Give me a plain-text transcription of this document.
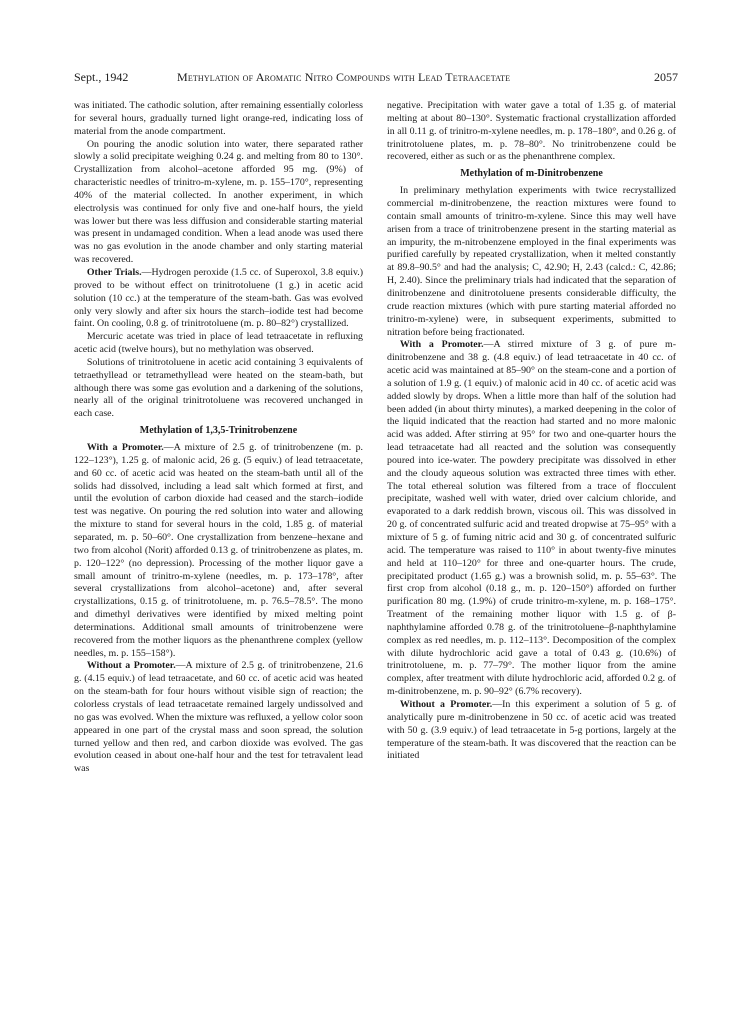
Sept., 1942	Methylation of Aromatic Nitro Compounds with Lead Tetraacetate	2057

was initiated. The cathodic solution, after remaining essentially colorless for several hours, gradually turned light orange-red, indicating loss of material from the anode compartment.

On pouring the anodic solution into water, there separated rather slowly a solid precipitate weighing 0.24 g. and melting from 80 to 130°. Crystallization from alcohol–acetone afforded 95 mg. (9%) of characteristic needles of trinitro-m-xylene, m. p. 155–170°, representing 40% of the material collected. In another experiment, in which electrolysis was continued for only five and one-half hours, the yield was lower but there was less diffusion and considerable starting material was present in undamaged condition. When a lead anode was used there was no gas evolution in the anode chamber and only starting material was recovered.

Other Trials.—Hydrogen peroxide (1.5 cc. of Superoxol, 3.8 equiv.) proved to be without effect on trinitrotoluene (1 g.) in acetic acid solution (10 cc.) at the temperature of the steam-bath. Gas was evolved only very slowly and after six hours the starch–iodide test had become faint. On cooling, 0.8 g. of trinitrotoluene (m. p. 80–82°) crystallized.

Mercuric acetate was tried in place of lead tetraacetate in refluxing acetic acid (twelve hours), but no methylation was observed.

Solutions of trinitrotoluene in acetic acid containing 3 equivalents of tetraethyllead or tetramethyllead were heated on the steam-bath, but although there was some gas evolution and a darkening of the solutions, nearly all of the original trinitrotoluene was recovered unchanged in each case.

Methylation of 1,3,5-Trinitrobenzene

With a Promoter.—A mixture of 2.5 g. of trinitrobenzene (m. p. 122–123°), 1.25 g. of malonic acid, 26 g. (5 equiv.) of lead tetraacetate, and 60 cc. of acetic acid was heated on the steam-bath until all of the solids had dissolved, including a lead salt which formed at first, and until the evolution of carbon dioxide had ceased and the starch–iodide test was negative. On pouring the red solution into water and allowing the mixture to stand for several hours in the cold, 1.85 g. of material separated, m. p. 50–60°. One crystallization from benzene–hexane and two from alcohol (Norit) afforded 0.13 g. of trinitrobenzene as plates, m. p. 120–122° (no depression). Processing of the mother liquor gave a small amount of trinitro-m-xylene (needles, m. p. 173–178°, after several crystallizations from alcohol–acetone) and, after several crystallizations, 0.15 g. of trinitrotoluene, m. p. 76.5–78.5°. The mono and dimethyl derivatives were identified by mixed melting point determinations. Additional small amounts of trinitrobenzene were recovered from the mother liquors as the phenanthrene complex (yellow needles, m. p. 155–158°).

Without a Promoter.—A mixture of 2.5 g. of trinitrobenzene, 21.6 g. (4.15 equiv.) of lead tetraacetate, and 60 cc. of acetic acid was heated on the steam-bath for four hours without visible sign of reaction; the colorless crystals of lead tetraacetate remained largely undissolved and no gas was evolved. When the mixture was refluxed, a yellow color soon appeared in one part of the crystal mass and soon spread, the solution turned yellow and then red, and carbon dioxide was evolved. The gas evolution ceased in about one-half hour and the test for tetravalent lead was

negative. Precipitation with water gave a total of 1.35 g. of material melting at about 80–130°. Systematic fractional crystallization afforded in all 0.11 g. of trinitro-m-xylene needles, m. p. 178–180°, and 0.26 g. of trinitrotoluene plates, m. p. 78–80°. No trinitrobenzene could be recovered, either as such or as the phenanthrene complex.

Methylation of m-Dinitrobenzene

In preliminary methylation experiments with twice recrystallized commercial m-dinitrobenzene, the reaction mixtures were found to contain small amounts of trinitro-m-xylene. Since this may well have arisen from a trace of trinitrobenzene present in the starting material as an impurity, the m-nitrobenzene employed in the final experiments was purified carefully by repeated crystallization, when it melted constantly at 89.8–90.5° and had the analysis; C, 42.90; H, 2.43 (calcd.: C, 42.86; H, 2.40). Since the preliminary trials had indicated that the separation of dinitrobenzene and dinitrotoluene presents considerable difficulty, the crude reaction mixtures (which with pure starting material afforded no trinitro-m-xylene) were, in subsequent experiments, submitted to nitration before being fractionated.

With a Promoter.—A stirred mixture of 3 g. of pure m-dinitrobenzene and 38 g. (4.8 equiv.) of lead tetraacetate in 40 cc. of acetic acid was maintained at 85–90° on the steam-cone and a portion of a solution of 1.9 g. (1 equiv.) of malonic acid in 40 cc. of acetic acid was added slowly by drops. When a little more than half of the solution had been added (in about thirty minutes), a marked deepening in the color of the liquid indicated that the reaction had started and no more malonic acid was added. After stirring at 95° for two and one-quarter hours the lead tetraacetate had all reacted and the solution was consequently poured into ice-water. The powdery precipitate was dissolved in ether and the cloudy aqueous solution was extracted three times with ether. The total ethereal solution was filtered from a trace of flocculent precipitate, washed well with water, dried over calcium chloride, and evaporated to a dark reddish brown, viscous oil. This was dissolved in 20 g. of concentrated sulfuric acid and treated dropwise at 75–95° with a mixture of 5 g. of fuming nitric acid and 30 g. of concentrated sulfuric acid. The temperature was raised to 110° in about twenty-five minutes and held at 110–120° for three and one-quarter hours. The crude, precipitated product (1.65 g.) was a brownish solid, m. p. 55–63°. The first crop from alcohol (0.18 g., m. p. 120–150°) afforded on further purification 80 mg. (1.9%) of crude trinitro-m-xylene, m. p. 168–175°. Treatment of the remaining mother liquor with 1.5 g. of β-naphthylamine afforded 0.78 g. of the trinitrotoluene–β-naphthylamine complex as red needles, m. p. 112–113°. Decomposition of the complex with dilute hydrochloric acid gave a total of 0.43 g. (10.6%) of trinitrotoluene, m. p. 77–79°. The mother liquor from the amine complex, after treatment with dilute hydrochloric acid, afforded 0.2 g. of m-dinitrobenzene, m. p. 90–92° (6.7% recovery).

Without a Promoter.—In this experiment a solution of 5 g. of analytically pure m-dinitrobenzene in 50 cc. of acetic acid was treated with 50 g. (3.9 equiv.) of lead tetraacetate in 5-g portions, largely at the temperature of the steam-bath. It was discovered that the reaction can be initiated
